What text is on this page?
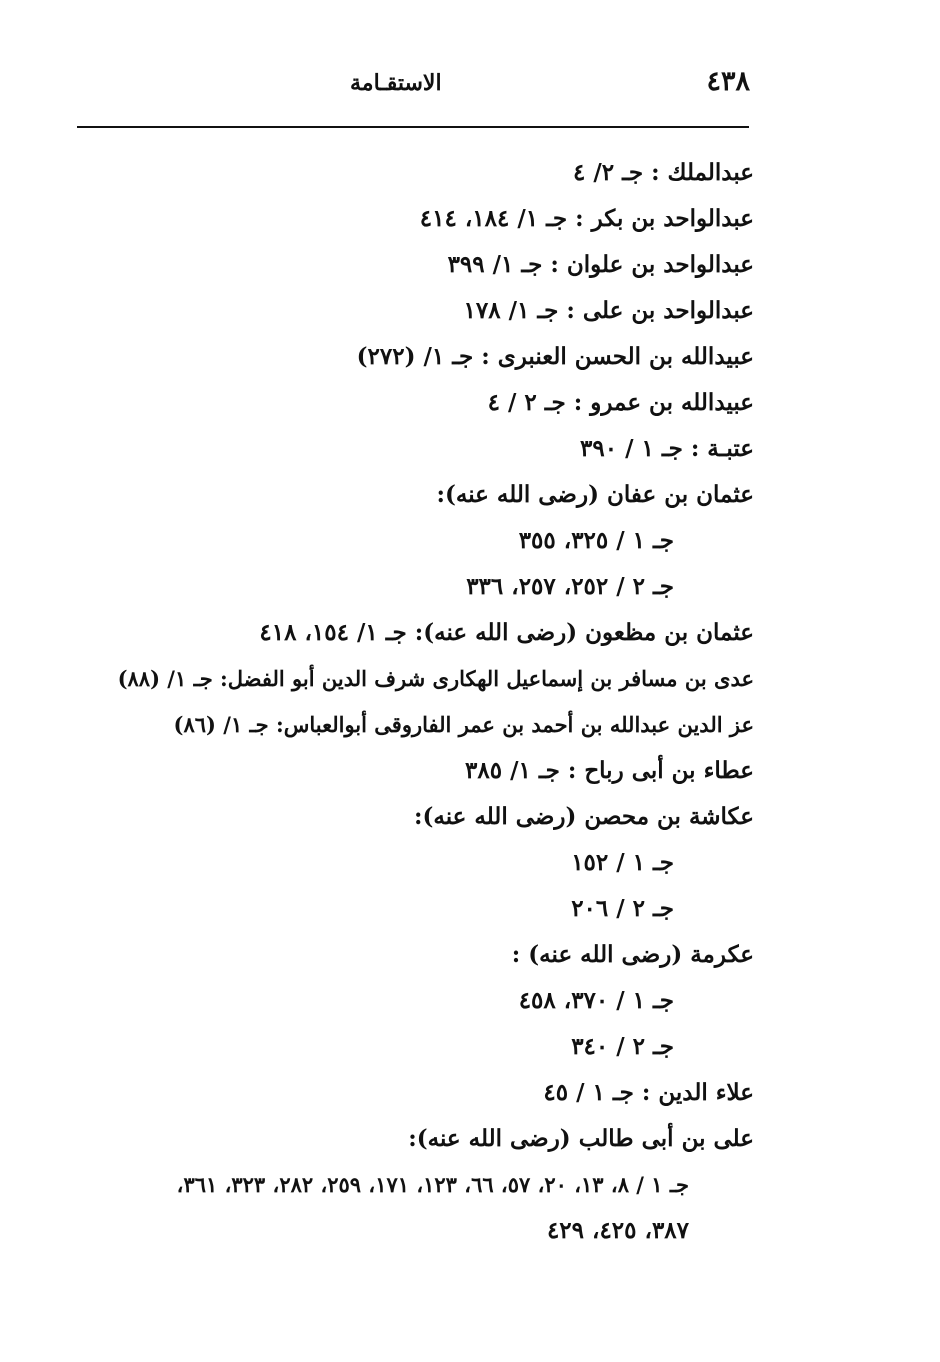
٤٣٨
الاستقـامة
عبدالملك : جـ ٢/ ٤
عبدالواحد بن بكر : جـ ١/ ١٨٤، ٤١٤
عبدالواحد بن علوان : جـ ١/ ٣٩٩
عبدالواحد بن على : جـ ١/ ١٧٨
عبيدالله بن الحسن العنبرى : جـ ١/ (٢٧٢)
عبيدالله بن عمرو : جـ ٢ / ٤
عتبـة : جـ ١ / ٣٩٠
عثمان بن عفان (رضى الله عنه):
جـ ١ / ٣٢٥، ٣٥٥
جـ ٢ / ٢٥٢، ٢٥٧، ٣٣٦
عثمان بن مظعون (رضى الله عنه): جـ ١/ ١٥٤، ٤١٨
عدى بن مسافر بن إسماعيل الهكارى شرف الدين أبو الفضل: جـ ١/ (٨٨)
عز الدين عبدالله بن أحمد بن عمر الفاروقى أبوالعباس: جـ ١/ (٨٦)
عطاء بن أبى رباح : جـ ١/ ٣٨٥
عكاشة بن محصن (رضى الله عنه):
جـ ١ / ١٥٢
جـ ٢ / ٢٠٦
عكرمة (رضى الله عنه) :
جـ ١ / ٣٧٠، ٤٥٨
جـ ٢ / ٣٤٠
علاء الدين : جـ ١ / ٤٥
على بن أبى طالب (رضى الله عنه):
جـ ١ / ٨، ١٣، ٢٠، ٥٧، ٦٦، ١٢٣، ١٧١، ٢٥٩، ٢٨٢، ٣٢٣، ٣٦١،
٣٨٧، ٤٢٥، ٤٢٩
